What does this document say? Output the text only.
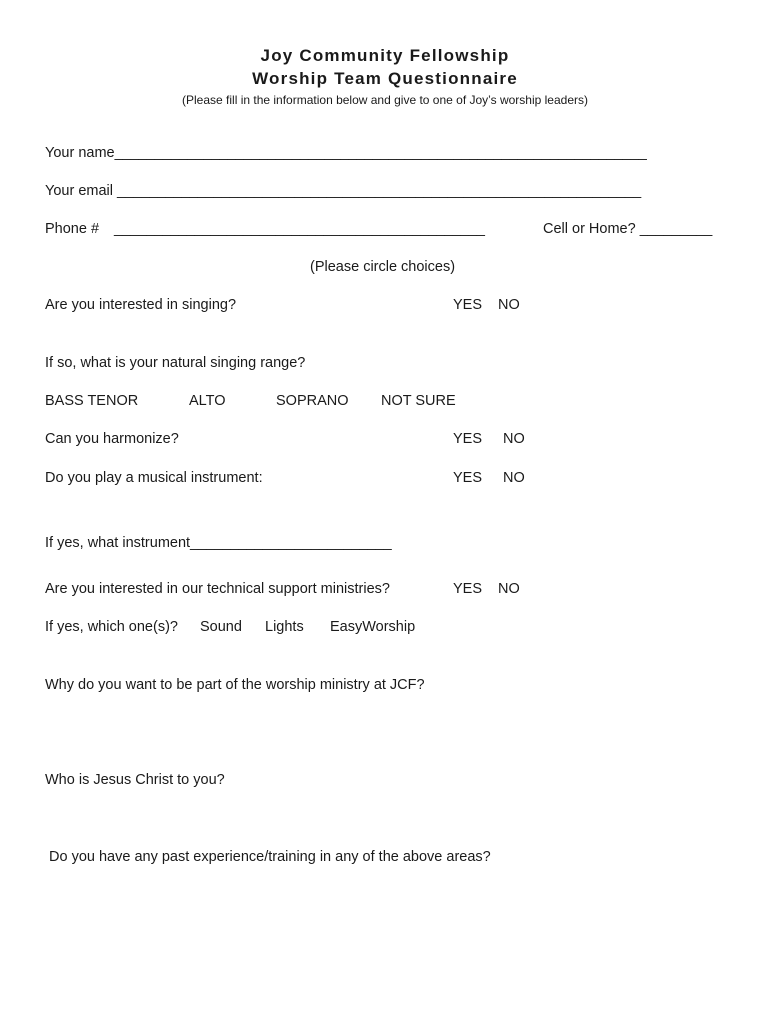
Joy Community Fellowship
Worship Team Questionnaire
(Please fill in the information below and give to one of Joy’s worship leaders)
Your name__________________________________________________________________
Your email _________________________________________________________________
Phone # ______________________________________________	Cell or Home? _________
(Please circle choices)
Are you interested in singing?	YES NO
If so, what is your natural singing range?
BASS TENOR	ALTO	SOPRANO NOT SURE
Can you harmonize?	YES NO
Do you play a musical instrument:	YES NO
If yes, what instrument_________________________
Are you interested in our technical support ministries?	YES NO
If yes, which one(s)? Sound Lights EasyWorship
Why do you want to be part of the worship ministry at JCF?
Who is Jesus Christ to you?
Do you have any past experience/training in any of the above areas?
